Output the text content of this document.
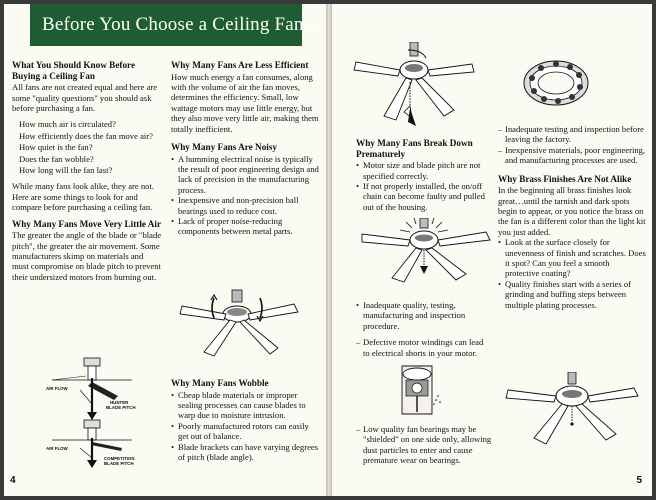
Before You Choose a Ceiling Fan…
What You Should Know Before Buying a Ceiling Fan

All fans are not created equal and here are some "quality questions" you should ask before purchasing a fan.

How much air is circulated?
How efficiently does the fan move air?
How quiet is the fan?
Does the fan wobble?
How long will the fan last?

While many fans look alike, they are not. Here are some things to look for and compare before purchasing a ceiling fan.

Why Many Fans Move Very Little Air

The greater the angle of the blade or "blade pitch", the greater the air movement. Some manufacturers skimp on materials and must compromise on blade pitch to prevent their undersized motors from burning out.

AIR FLOW
HUNTER
BLADE PITCH
AIR FLOW
COMPETITION
BLADE PITCH
Why Many Fans Are Less Efficient

How much energy a fan consumes, along with the volume of air the fan moves, determines the efficiency. Small, low wattage motors may use little energy, but they also move very little air, making them totally inefficient.

Why Many Fans Are Noisy
• A humming electrical noise is typically the result of poor engineering design and lack of precision in the manufacturing process.
• Inexpensive and non-precision ball bearings used to reduce cost.
• Lack of proper noise-reducing components between metal parts.
Why Many Fans Wobble
• Cheap blade materials or improper sealing processes can cause blades to warp due to moisture intrusion.
• Poorly manufactured rotors can easily get out of balance.
• Blade brackets can have varying degrees of pitch (blade angle).
4
Why Many Fans Break Down Prematurely
• Motor size and blade pitch are not specified correctly.
• If not properly installed, the on/off chain can become faulty and pulled out of the housing.
• Inadequate quality, testing, manufacturing and inspection procedure.
– Defective motor windings can lead to electrical shorts in your motor.
– Low quality fan bearings may be "shielded" on one side only, allowing dust particles to enter and cause premature wear on bearings.
– Inadequate testing and inspection before leaving the factory.
– Inexpensive materials, poor engineering, and manufacturing processes are used.
Why Brass Finishes Are Not Alike

In the beginning all brass finishes look great…until the tarnish and dark spots begin to appear, or you notice the brass on the fan is a different color than the light kit you just added.

• Look at the surface closely for unevenness of finish and scratches. Does it spot? Can you feel a smooth protective coating?
• Quality finishes start with a series of grinding and buffing steps between multiple plating processes.
5
